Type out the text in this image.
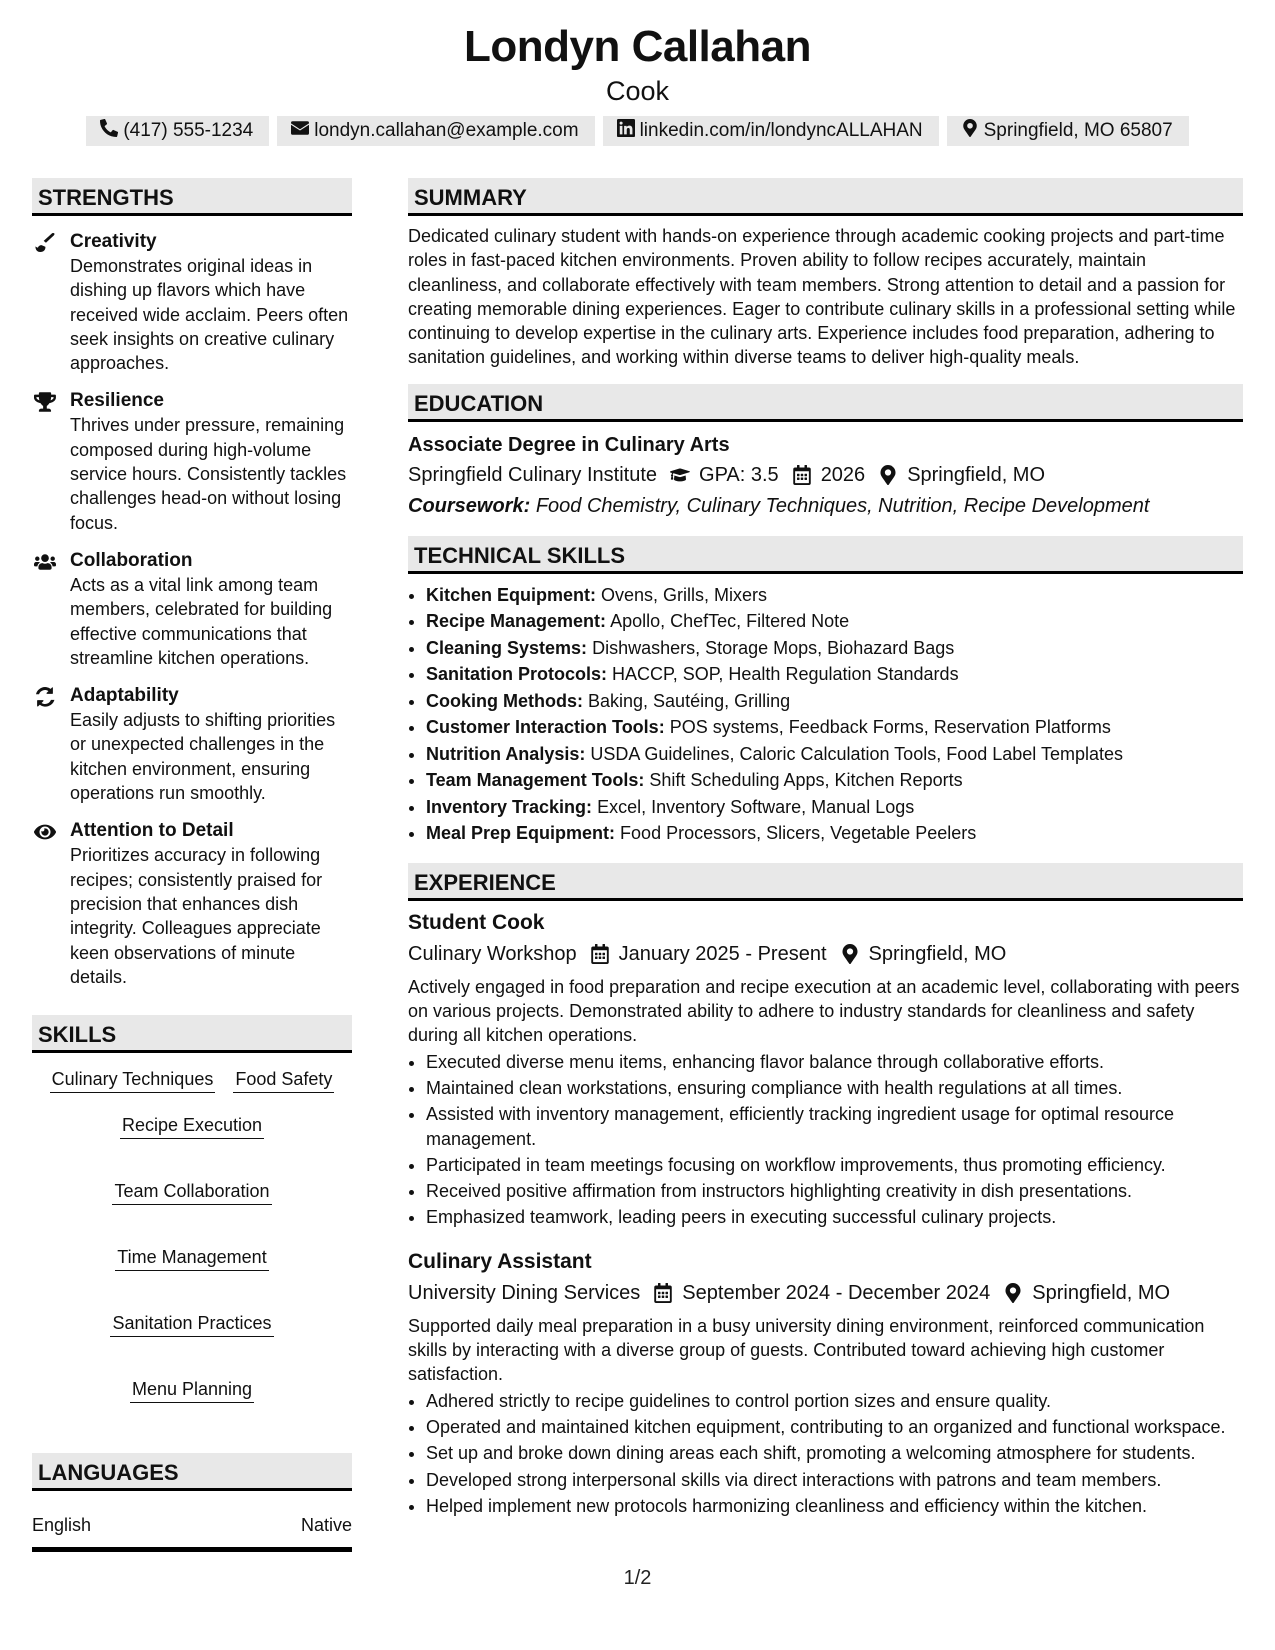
Londyn Callahan
Cook
(417) 555-1234	londyn.callahan@example.com	linkedin.com/in/londyncALLAHAN	Springfield, MO 65807
STRENGTHS
Creativity
Demonstrates original ideas in dishing up flavors which have received wide acclaim. Peers often seek insights on creative culinary approaches.
Resilience
Thrives under pressure, remaining composed during high-volume service hours. Consistently tackles challenges head-on without losing focus.
Collaboration
Acts as a vital link among team members, celebrated for building effective communications that streamline kitchen operations.
Adaptability
Easily adjusts to shifting priorities or unexpected challenges in the kitchen environment, ensuring operations run smoothly.
Attention to Detail
Prioritizes accuracy in following recipes; consistently praised for precision that enhances dish integrity. Colleagues appreciate keen observations of minute details.
SKILLS
Culinary Techniques Food Safety
Recipe Execution
Team Collaboration
Time Management
Sanitation Practices
Menu Planning
LANGUAGES
English	Native
SUMMARY
Dedicated culinary student with hands-on experience through academic cooking projects and part-time roles in fast-paced kitchen environments. Proven ability to follow recipes accurately, maintain cleanliness, and collaborate effectively with team members. Strong attention to detail and a passion for creating memorable dining experiences. Eager to contribute culinary skills in a professional setting while continuing to develop expertise in the culinary arts. Experience includes food preparation, adhering to sanitation guidelines, and working within diverse teams to deliver high-quality meals.
EDUCATION
Associate Degree in Culinary Arts
Springfield Culinary Institute GPA: 3.5 2026 Springfield, MO
Coursework: Food Chemistry, Culinary Techniques, Nutrition, Recipe Development
TECHNICAL SKILLS
• Kitchen Equipment: Ovens, Grills, Mixers
• Recipe Management: Apollo, ChefTec, Filtered Note
• Cleaning Systems: Dishwashers, Storage Mops, Biohazard Bags
• Sanitation Protocols: HACCP, SOP, Health Regulation Standards
• Cooking Methods: Baking, Sautéing, Grilling
• Customer Interaction Tools: POS systems, Feedback Forms, Reservation Platforms
• Nutrition Analysis: USDA Guidelines, Caloric Calculation Tools, Food Label Templates
• Team Management Tools: Shift Scheduling Apps, Kitchen Reports
• Inventory Tracking: Excel, Inventory Software, Manual Logs
• Meal Prep Equipment: Food Processors, Slicers, Vegetable Peelers
EXPERIENCE
Student Cook
Culinary Workshop January 2025 - Present Springfield, MO
Actively engaged in food preparation and recipe execution at an academic level, collaborating with peers on various projects. Demonstrated ability to adhere to industry standards for cleanliness and safety during all kitchen operations.
• Executed diverse menu items, enhancing flavor balance through collaborative efforts.
• Maintained clean workstations, ensuring compliance with health regulations at all times.
• Assisted with inventory management, efficiently tracking ingredient usage for optimal resource management.
• Participated in team meetings focusing on workflow improvements, thus promoting efficiency.
• Received positive affirmation from instructors highlighting creativity in dish presentations.
• Emphasized teamwork, leading peers in executing successful culinary projects.
Culinary Assistant
University Dining Services September 2024 - December 2024 Springfield, MO
Supported daily meal preparation in a busy university dining environment, reinforced communication skills by interacting with a diverse group of guests. Contributed toward achieving high customer satisfaction.
• Adhered strictly to recipe guidelines to control portion sizes and ensure quality.
• Operated and maintained kitchen equipment, contributing to an organized and functional workspace.
• Set up and broke down dining areas each shift, promoting a welcoming atmosphere for students.
• Developed strong interpersonal skills via direct interactions with patrons and team members.
• Helped implement new protocols harmonizing cleanliness and efficiency within the kitchen.
1/2
